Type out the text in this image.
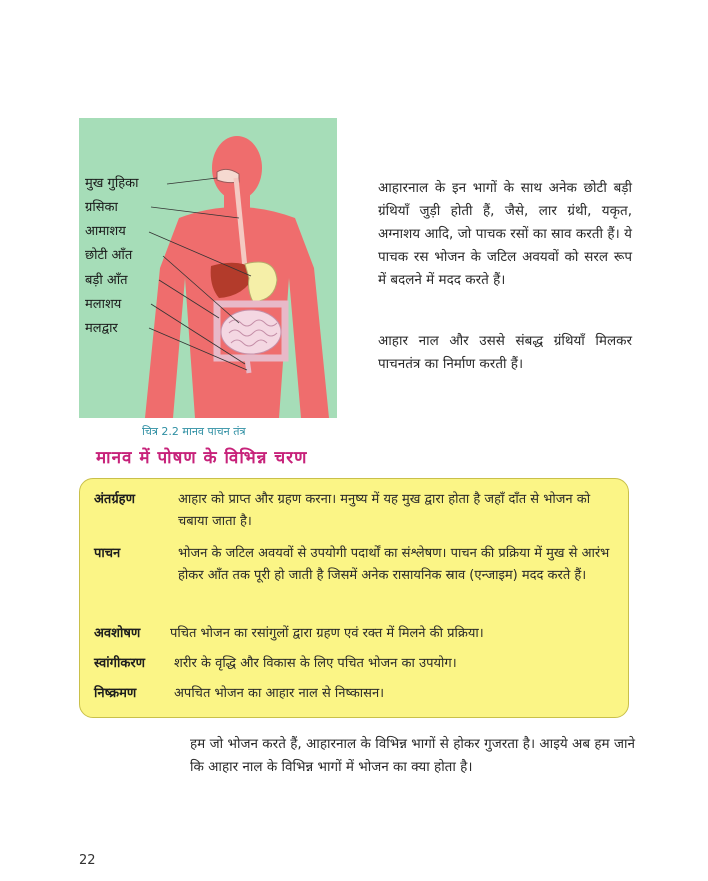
मुख गुहिका
ग्रसिका
आमाशय
छोटी आँत
बड़ी आँत
मलाशय
मलद्वार
चित्र 2.2 मानव पाचन तंत्र
मानव में पोषण के विभिन्न चरण

आहारनाल के इन भागों के साथ अनेक छोटी बड़ी ग्रंथियाँ जुड़ी होती हैं, जैसे, लार ग्रंथी, यकृत, अग्नाशय आदि, जो पाचक रसों का स्राव करती हैं। ये पाचक रस भोजन के जटिल अवयवों को सरल रूप में बदलने में मदद करते हैं।

आहार नाल और उससे संबद्ध ग्रंथियाँ मिलकर पाचनतंत्र का निर्माण करती हैं।

अंतर्ग्रहण	आहार को प्राप्त और ग्रहण करना। मनुष्य में यह मुख द्वारा होता है जहाँ दाँत से भोजन को चबाया जाता है।
पाचन	भोजन के जटिल अवयवों से उपयोगी पदार्थों का संश्लेषण। पाचन की प्रक्रिया में मुख से आरंभ होकर आँत तक पूरी हो जाती है जिसमें अनेक रासायनिक स्राव (एन्जाइम) मदद करते हैं।
अवशोषण पचित भोजन का रसांगुलों द्वारा ग्रहण एवं रक्त में मिलने की प्रक्रिया।
स्वांगीकरण शरीर के वृद्धि और विकास के लिए पचित भोजन का उपयोग।
निष्क्रमण	अपचित भोजन का आहार नाल से निष्कासन।

हम जो भोजन करते हैं, आहारनाल के विभिन्न भागों से होकर गुजरता है। आइये अब हम जाने कि आहार नाल के विभिन्न भागों में भोजन का क्या होता है।

22
